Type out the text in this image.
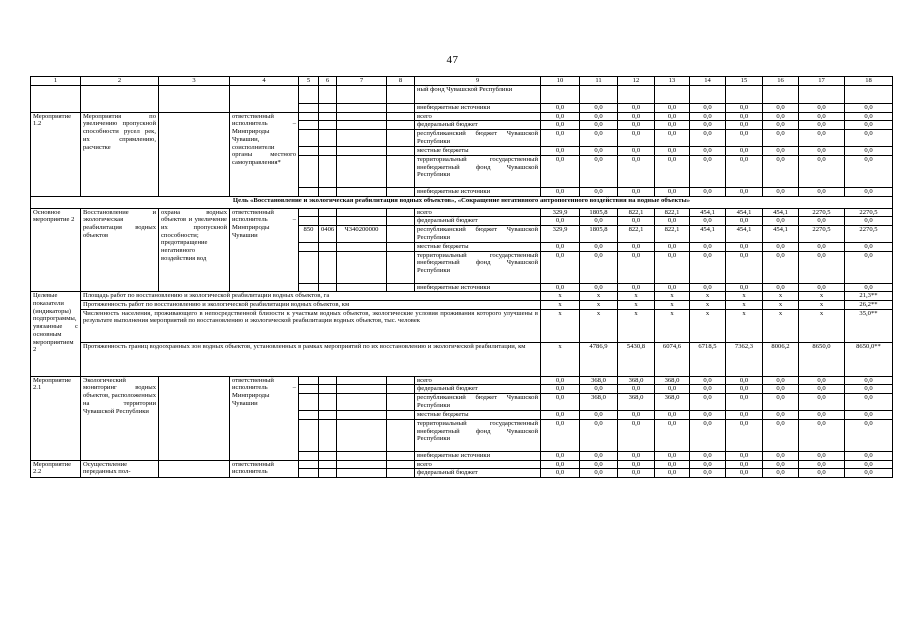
47
1	2	3	4	5	6	7	8	9	10	11	12	13	14	15	16	17	18	
								ный фонд Чувашской Республики										
								внебюджетные источники	0,0	0,0	0,0	0,0	0,0	0,0	0,0	0,0	0,0	
Мероприятие 1.2	Мероприятия по увеличению пропускной способности русел рек, их спрямлению, расчистке		ответственный исполнитель – Минприроды Чувашии, соисполнители органы местного самоуправления*					всего	0,0	0,0	0,0	0,0	0,0	0,0	0,0	0,0	0,0	
								федеральный бюджет	0,0	0,0	0,0	0,0	0,0	0,0	0,0	0,0	0,0	
								республиканский бюджет Чувашской Республики	0,0	0,0	0,0	0,0	0,0	0,0	0,0	0,0	0,0	
								местные бюджеты	0,0	0,0	0,0	0,0	0,0	0,0	0,0	0,0	0,0	
								территориальный государственный внебюджетный фонд Чувашской Республики	0,0	0,0	0,0	0,0	0,0	0,0	0,0	0,0	0,0	
								внебюджетные источники	0,0	0,0	0,0	0,0	0,0	0,0	0,0	0,0	0,0	
Цель «Восстановление и экологическая реабилитация водных объектов», «Сокращение негативного антропогенного воздействия на водные объекты»																		
Основное мероприятие 2	Восстановление и экологическая реабилитация водных объектов	охрана водных объектов и увеличение их пропускной способности; предотвращение негативного воздействия вод	ответственный исполнитель – Минприроды Чувашии					всего	329,9	1805,8	822,1	822,1	454,1	454,1	454,1	2270,5	2270,5	
								федеральный бюджет	0,0	0,0	0,0	0,0	0,0	0,0	0,0	0,0	0,0	
				850	0406	Ч340200000		республиканский бюджет Чувашской Республики	329,9	1805,8	822,1	822,1	454,1	454,1	454,1	2270,5	2270,5	
								местные бюджеты	0,0	0,0	0,0	0,0	0,0	0,0	0,0	0,0	0,0	
								территориальный государственный внебюджетный фонд Чувашской Республики	0,0	0,0	0,0	0,0	0,0	0,0	0,0	0,0	0,0	
								внебюджетные источники	0,0	0,0	0,0	0,0	0,0	0,0	0,0	0,0	0,0	
Целевые показатели (индикаторы) подпрограммы, увязанные с основным мероприятием 2	Площадь работ по восстановлению и экологической реабилитации водных объектов, га								x	x	x	x	x	x	x	x	21,3**	
	Протяженность работ по восстановлению и экологической реабилитации водных объектов, км								x	x	x	x	x	x	x	x	26,2**	
	Численность населения, проживающего в непосредственной близости к участкам водных объектов, экологические условия проживания которого улучшены в результате выполнения мероприятий по восстановлению и экологической реабилитации водных объектов, тыс. человек								x	x	x	x	x	x	x	x	35,0**	
	Протяженность границ водоохранных зон водных объектов, установленных в рамках мероприятий по их восстановлению и экологической реабилитации, км								x	4786,9	5430,8	6074,6	6718,5	7362,3	8006,2	8650,0	8650,0**	
Мероприятие 2.1	Экологический мониторинг водных объектов, расположенных на территории Чувашской Республики		ответственный исполнитель – Минприроды Чувашии					всего	0,0	368,0	368,0	368,0	0,0	0,0	0,0	0,0	0,0	
								федеральный бюджет	0,0	0,0	0,0	0,0	0,0	0,0	0,0	0,0	0,0	
								республиканский бюджет Чувашской Республики	0,0	368,0	368,0	368,0	0,0	0,0	0,0	0,0	0,0	
								местные бюджеты	0,0	0,0	0,0	0,0	0,0	0,0	0,0	0,0	0,0	
								территориальный государственный внебюджетный фонд Чувашской Республики	0,0	0,0	0,0	0,0	0,0	0,0	0,0	0,0	0,0	
								внебюджетные источники	0,0	0,0	0,0	0,0	0,0	0,0	0,0	0,0	0,0	
Мероприятие 2.2	Осуществление переданных пол-		ответственный исполнитель					всего	0,0	0,0	0,0	0,0	0,0	0,0	0,0	0,0	0,0	
								федеральный бюджет	0,0	0,0	0,0	0,0	0,0	0,0	0,0	0,0	0,0	
